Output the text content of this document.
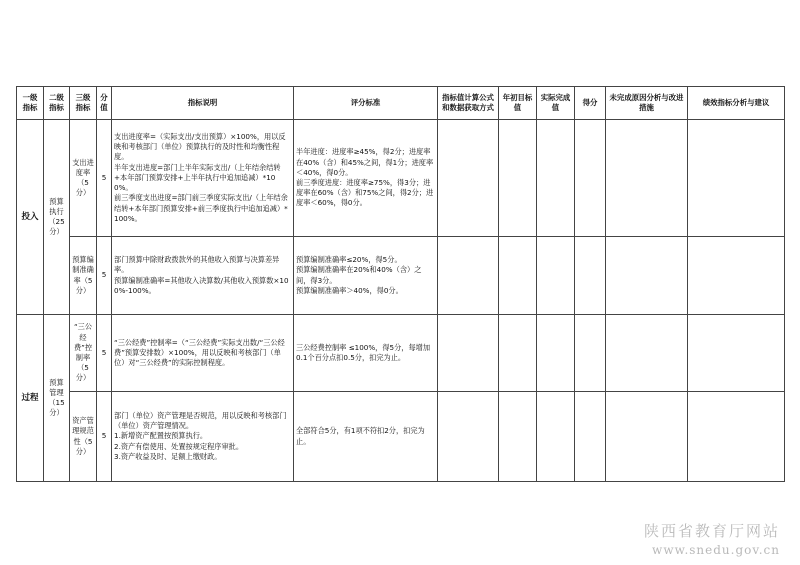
一级指标	二级指标	三级指标	分值	指标说明	评分标准	指标值计算公式和数据获取方式	年初目标值	实际完成值	得分	未完成原因分析与改进措施	绩效指标分析与建议
投入	预算执行（25分）	支出进度率（5分）	5	支出进度率=（实际支出/支出预算）×100%，用以反映和考核部门（单位）预算执行的及时性和均衡性程度。
半年支出进度=部门上半年实际支出/（上年结余结转+本年部门预算安排+上半年执行中追加追减）*100%。
前三季度支出进度=部门前三季度实际支出/（上年结余结转+本年部门预算安排+前三季度执行中追加追减）*100%。	半年进度：进度率≥45%，得2分；进度率在40%（含）和45%之间，得1分；进度率＜40%，得0分。
前三季度进度：进度率≥75%，得3分；进度率在60%（含）和75%之间，得2分；进度率＜60%，得0分。						
		预算编制准确率（5分）	5	部门预算中除财政拨款外的其他收入预算与决算差异率。
预算编制准确率=其他收入决算数/其他收入预算数×100%-100%。	预算编制准确率≤20%，得5分。
预算编制准确率在20%和40%（含）之间，得3分。
预算编制准确率＞40%，得0分。						
过程	预算管理（15分）	“三公经费”控制率（5分）	5	“三公经费”控制率=（“三公经费”实际支出数/“三公经费”预算安排数）×100%，用以反映和考核部门（单位）对“三公经费”的实际控制程度。	三公经费控制率 ≤100%，得5分，每增加0.1个百分点扣0.5分，扣完为止。						
		资产管理规范性（5分）	5	部门（单位）资产管理是否规范，用以反映和考核部门（单位）资产管理情况。
1.新增资产配置按预算执行。
2.资产有偿使用、处置按规定程序审批。
3.资产收益及时、足额上缴财政。	全部符合5分，有1项不符扣2分，扣完为止。						
陕西省教育厅网站
www.snedu.gov.cn
